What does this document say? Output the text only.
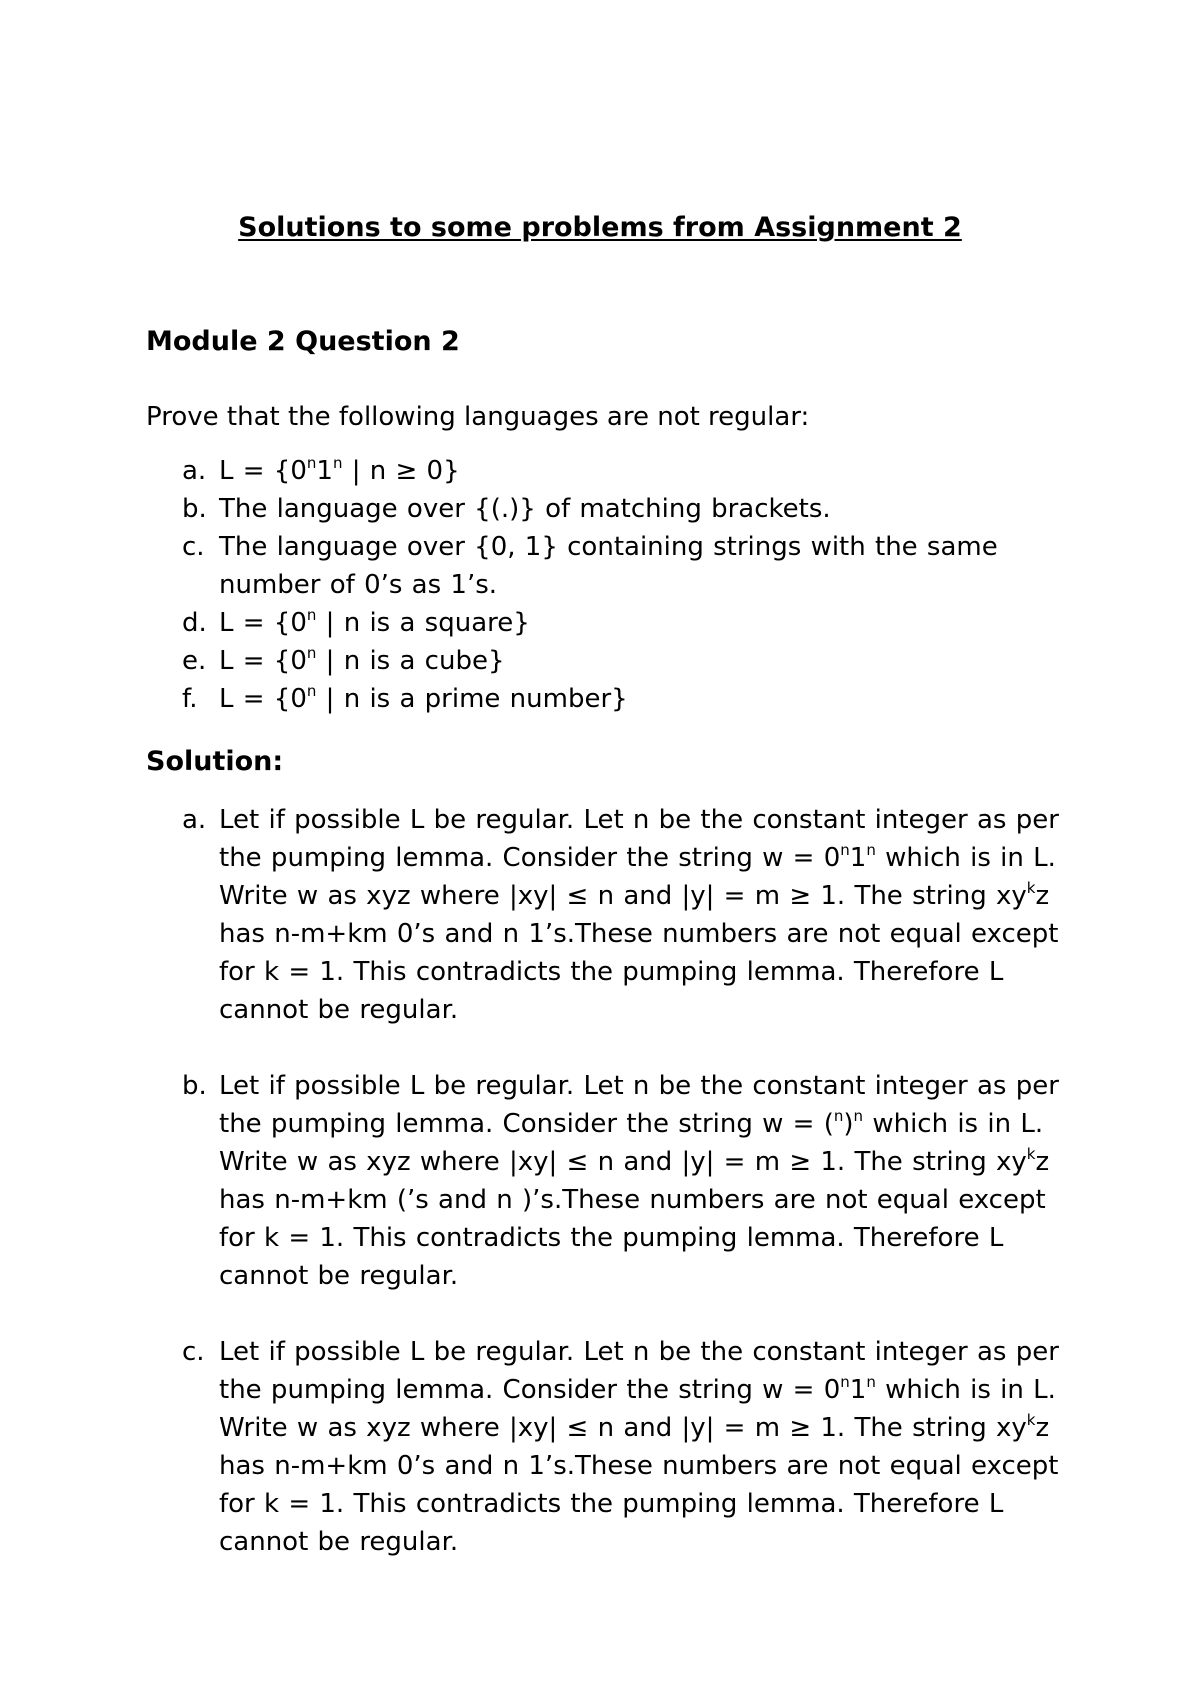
Solutions to some problems from Assignment 2
Module 2 Question 2

Prove that the following languages are not regular:

a. $L = \{0^n1^n$ | n ≥ 0}
b. The language over {(.)} of matching brackets.
c. The language over {0, 1} containing strings with the same number of 0’s as 1’s.
d. $L = \{0^n$ | n is a square}
e. $L = \{0^n$ | n is a cube}
f. $L = \{0^n$ | n is a prime number}
Solution:
a. Let if possible L be regular. Let n be the constant integer as per the pumping lemma. Consider the string $w = 0^n1^n$ which is in L. Write w as xyz where |xy| ≤ n and |y| = m ≥ 1. The string $xy^kz$ has n-m+km 0’s and n 1’s.These numbers are not equal except for k = 1. This contradicts the pumping lemma. Therefore L cannot be regular.
b. Let if possible L be regular. Let n be the constant integer as per the pumping lemma. Consider the string $w = (^n)^n$ which is in L. Write w as xyz where |xy| ≤ n and |y| = m ≥ 1. The string $xy^kz$ has n-m+km (’s and n )’s.These numbers are not equal except for k = 1. This contradicts the pumping lemma. Therefore L cannot be regular.
c. Let if possible L be regular. Let n be the constant integer as per the pumping lemma. Consider the string $w = 0^n1^n$ which is in L. Write w as xyz where |xy| ≤ n and |y| = m ≥ 1. The string $xy^kz$ has n-m+km 0’s and n 1’s.These numbers are not equal except for k = 1. This contradicts the pumping lemma. Therefore L cannot be regular.
